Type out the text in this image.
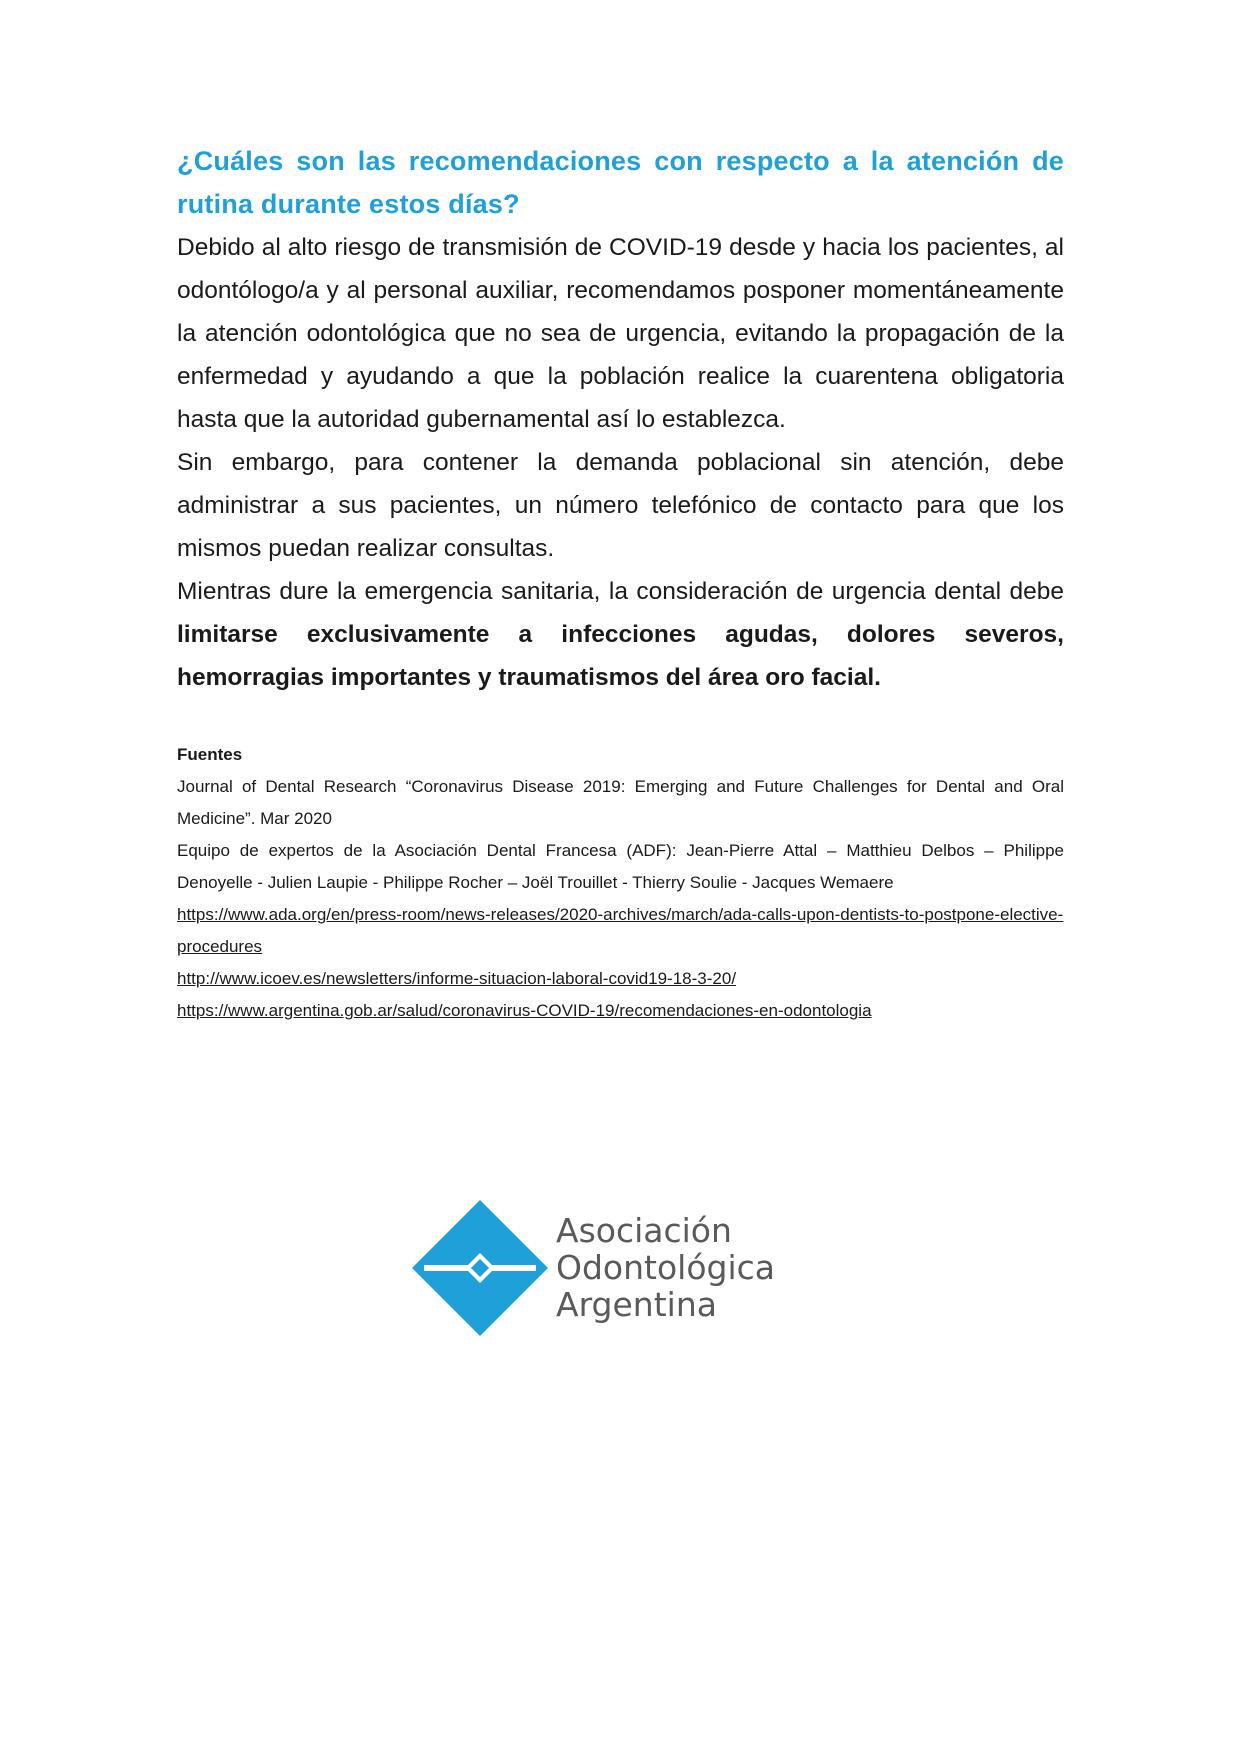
¿Cuáles son las recomendaciones con respecto a la atención de rutina durante estos días?

Debido al alto riesgo de transmisión de COVID-19 desde y hacia los pacientes, al odontólogo/a y al personal auxiliar, recomendamos posponer momentáneamente la atención odontológica que no sea de urgencia, evitando la propagación de la enfermedad y ayudando a que la población realice la cuarentena obligatoria hasta que la autoridad gubernamental así lo establezca.

Sin embargo, para contener la demanda poblacional sin atención, debe administrar a sus pacientes, un número telefónico de contacto para que los mismos puedan realizar consultas.

Mientras dure la emergencia sanitaria, la consideración de urgencia dental debe limitarse exclusivamente a infecciones agudas, dolores severos, hemorragias importantes y traumatismos del área oro facial.

Fuentes

Journal of Dental Research “Coronavirus Disease 2019: Emerging and Future Challenges for Dental and Oral Medicine”. Mar 2020

Equipo de expertos de la Asociación Dental Francesa (ADF): Jean-Pierre Attal – Matthieu Delbos – Philippe Denoyelle - Julien Laupie - Philippe Rocher – Joël Trouillet - Thierry Soulie - Jacques Wemaere

https://www.ada.org/en/press-room/news-releases/2020-archives/march/ada-calls-upon-dentists-to-postpone-elective-procedures
http://www.icoev.es/newsletters/informe-situacion-laboral-covid19-18-3-20/
https://www.argentina.gob.ar/salud/coronavirus-COVID-19/recomendaciones-en-odontologia
Asociación
Odontológica
Argentina
